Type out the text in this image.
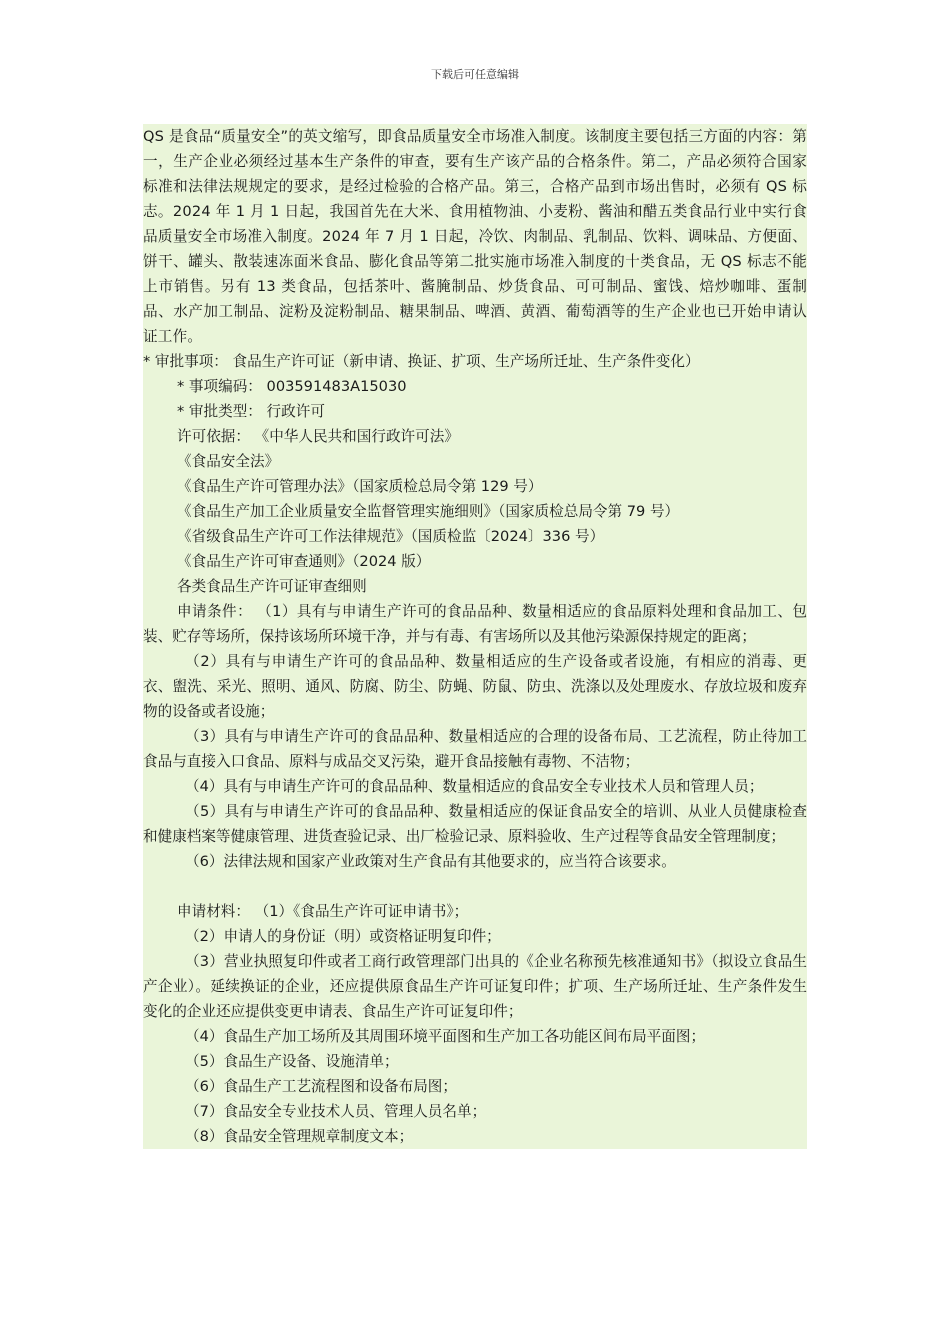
下载后可任意编辑

QS 是食品“质量安全”的英文缩写，即食品质量安全市场准入制度。该制度主要包括三方面的内容：第一，生产企业必须经过基本生产条件的审查，要有生产该产品的合格条件。第二，产品必须符合国家标准和法律法规规定的要求，是经过检验的合格产品。第三，合格产品到市场出售时，必须有 QS 标志。2024 年 1 月 1 日起，我国首先在大米、食用植物油、小麦粉、酱油和醋五类食品行业中实行食品质量安全市场准入制度。2024 年 7 月 1 日起，冷饮、肉制品、乳制品、饮料、调味品、方便面、饼干、罐头、散装速冻面米食品、膨化食品等第二批实施市场准入制度的十类食品，无 QS 标志不能上市销售。另有 13 类食品，包括茶叶、酱腌制品、炒货食品、可可制品、蜜饯、焙炒咖啡、蛋制品、水产加工制品、淀粉及淀粉制品、糖果制品、啤酒、黄酒、葡萄酒等的生产企业也已开始申请认证工作。

* 审批事项： 食品生产许可证（新申请、换证、扩项、生产场所迁址、生产条件变化）

* 事项编码： 003591483A15030

* 审批类型： 行政许可

许可依据： 《中华人民共和国行政许可法》

《食品安全法》

《食品生产许可管理办法》（国家质检总局令第 129 号）

《食品生产加工企业质量安全监督管理实施细则》（国家质检总局令第 79 号）

《省级食品生产许可工作法律规范》（国质检监〔2024〕336 号）

《食品生产许可审查通则》（2024 版）

各类食品生产许可证审查细则

申请条件： （1）具有与申请生产许可的食品品种、数量相适应的食品原料处理和食品加工、包装、贮存等场所，保持该场所环境干净，并与有毒、有害场所以及其他污染源保持规定的距离；

（2）具有与申请生产许可的食品品种、数量相适应的生产设备或者设施，有相应的消毒、更衣、盥洗、采光、照明、通风、防腐、防尘、防蝇、防鼠、防虫、洗涤以及处理废水、存放垃圾和废弃物的设备或者设施；

（3）具有与申请生产许可的食品品种、数量相适应的合理的设备布局、工艺流程，防止待加工食品与直接入口食品、原料与成品交叉污染，避开食品接触有毒物、不洁物；

（4）具有与申请生产许可的食品品种、数量相适应的食品安全专业技术人员和管理人员；

（5）具有与申请生产许可的食品品种、数量相适应的保证食品安全的培训、从业人员健康检查和健康档案等健康管理、进货查验记录、出厂检验记录、原料验收、生产过程等食品安全管理制度；

（6）法律法规和国家产业政策对生产食品有其他要求的，应当符合该要求。

申请材料： （1）《食品生产许可证申请书》；

（2）申请人的身份证（明）或资格证明复印件；

（3）营业执照复印件或者工商行政管理部门出具的《企业名称预先核准通知书》（拟设立食品生产企业）。延续换证的企业，还应提供原食品生产许可证复印件；扩项、生产场所迁址、生产条件发生变化的企业还应提供变更申请表、食品生产许可证复印件；

（4）食品生产加工场所及其周围环境平面图和生产加工各功能区间布局平面图；

（5）食品生产设备、设施清单；

（6）食品生产工艺流程图和设备布局图；

（7）食品安全专业技术人员、管理人员名单；

（8）食品安全管理规章制度文本；
